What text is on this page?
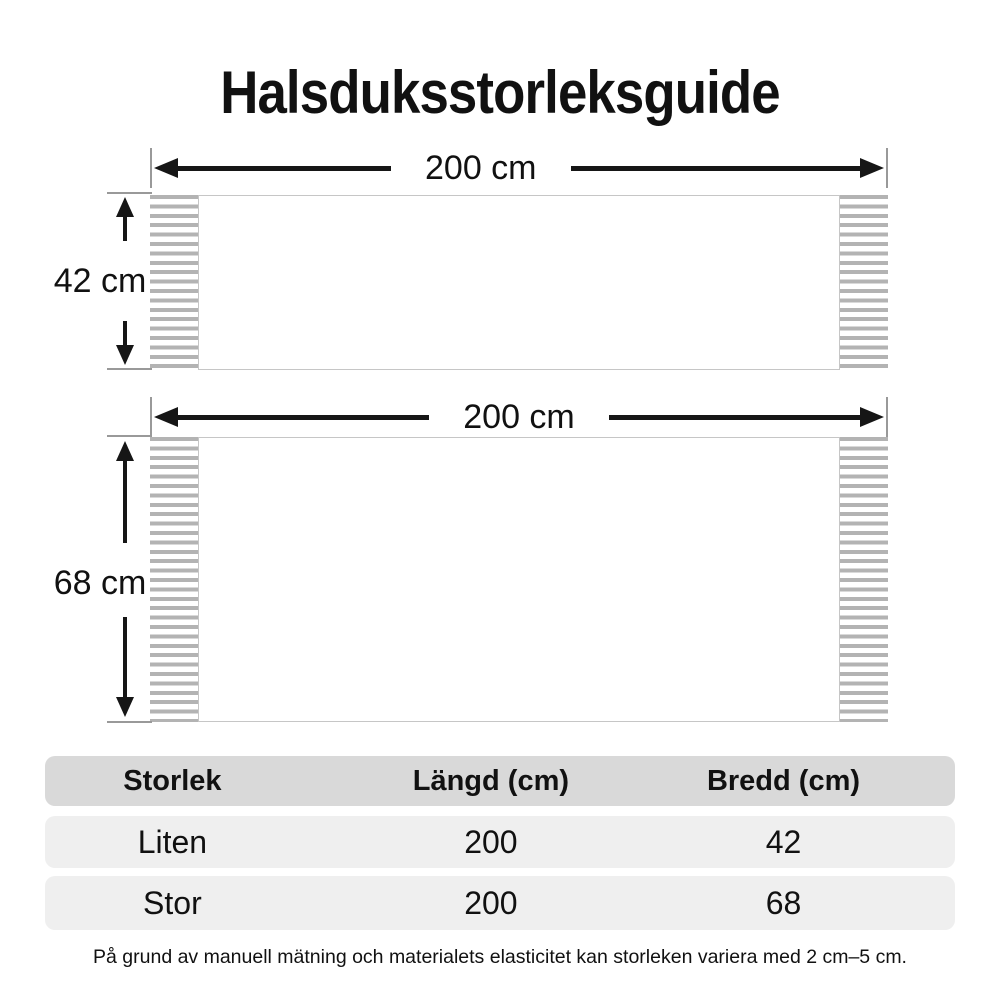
Halsduksstorleksguide
200 cm
42 cm
200 cm
68 cm
Storlek	Längd (cm)	Bredd (cm)
Liten	200	42
Stor	200	68

På grund av manuell mätning och materialets elasticitet kan storleken variera med 2 cm–5 cm.
